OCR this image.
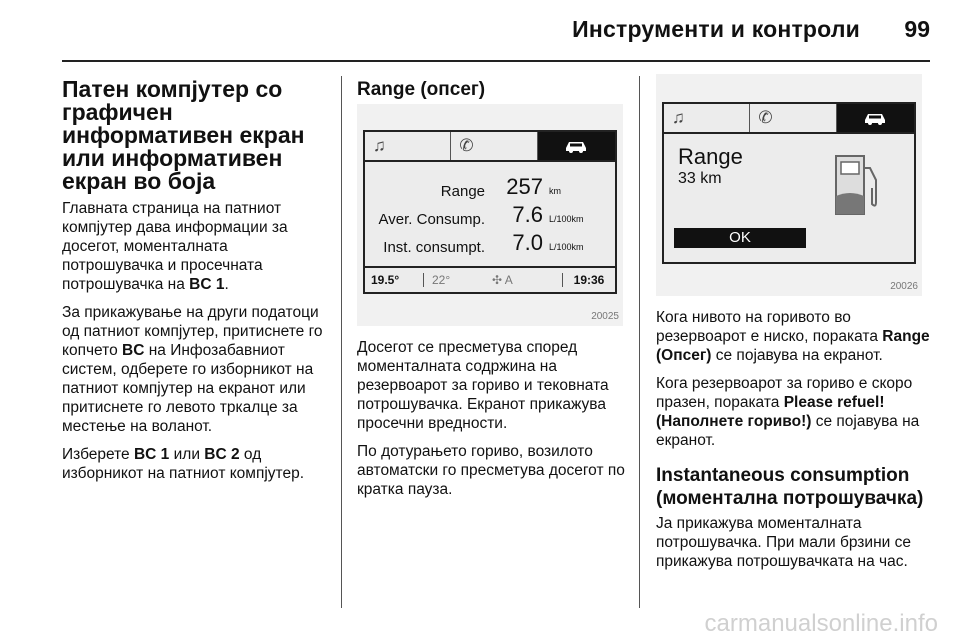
Инструменти и контроли	99
Патен компјутер со графичен информативен екран или информативен екран во боја

Главната страница на патниот компјутер дава информации за досегот, моменталната потрошувачка и просечната потрошувачка на BC 1.

За прикажување на други податоци од патниот компјутер, притиснете го копчето BC на Инфозабавниот систем, одберете го изборникот на патниот компјутер на екранот или притиснете го левото тркалце за местење на воланот.

Изберете BC 1 или BC 2 од изборникот на патниот компјутер.

Range (опсег)
♫	✆
Range 257 km
Aver. Consump.	7.6 L/100km
Inst. consumpt.	7.0 L/100km
19.5°	22°	✣ A	19:36
20025

Досегот се пресметува според моменталната содржина на резервоарот за гориво и тековната потрошувачка. Екранот прикажува просечни вредности.

По дотурањето гориво, возилото автоматски го пресметува досегот по кратка пауза.

♫	✆
Range
33 km
OK
20026

Кога нивото на горивото во резервоарот е ниско, пораката Range (Опсег) се појавува на екранот.

Кога резервоарот за гориво е скоро празен, пораката Please refuel! (Наполнете гориво!) се појавува на екранот.

Instantaneous consumption (моментална потрошувачка)

Ја прикажува моменталната потрошувачка. При мали брзини се прикажува потрошувачката на час.

carmanualsonline.info
